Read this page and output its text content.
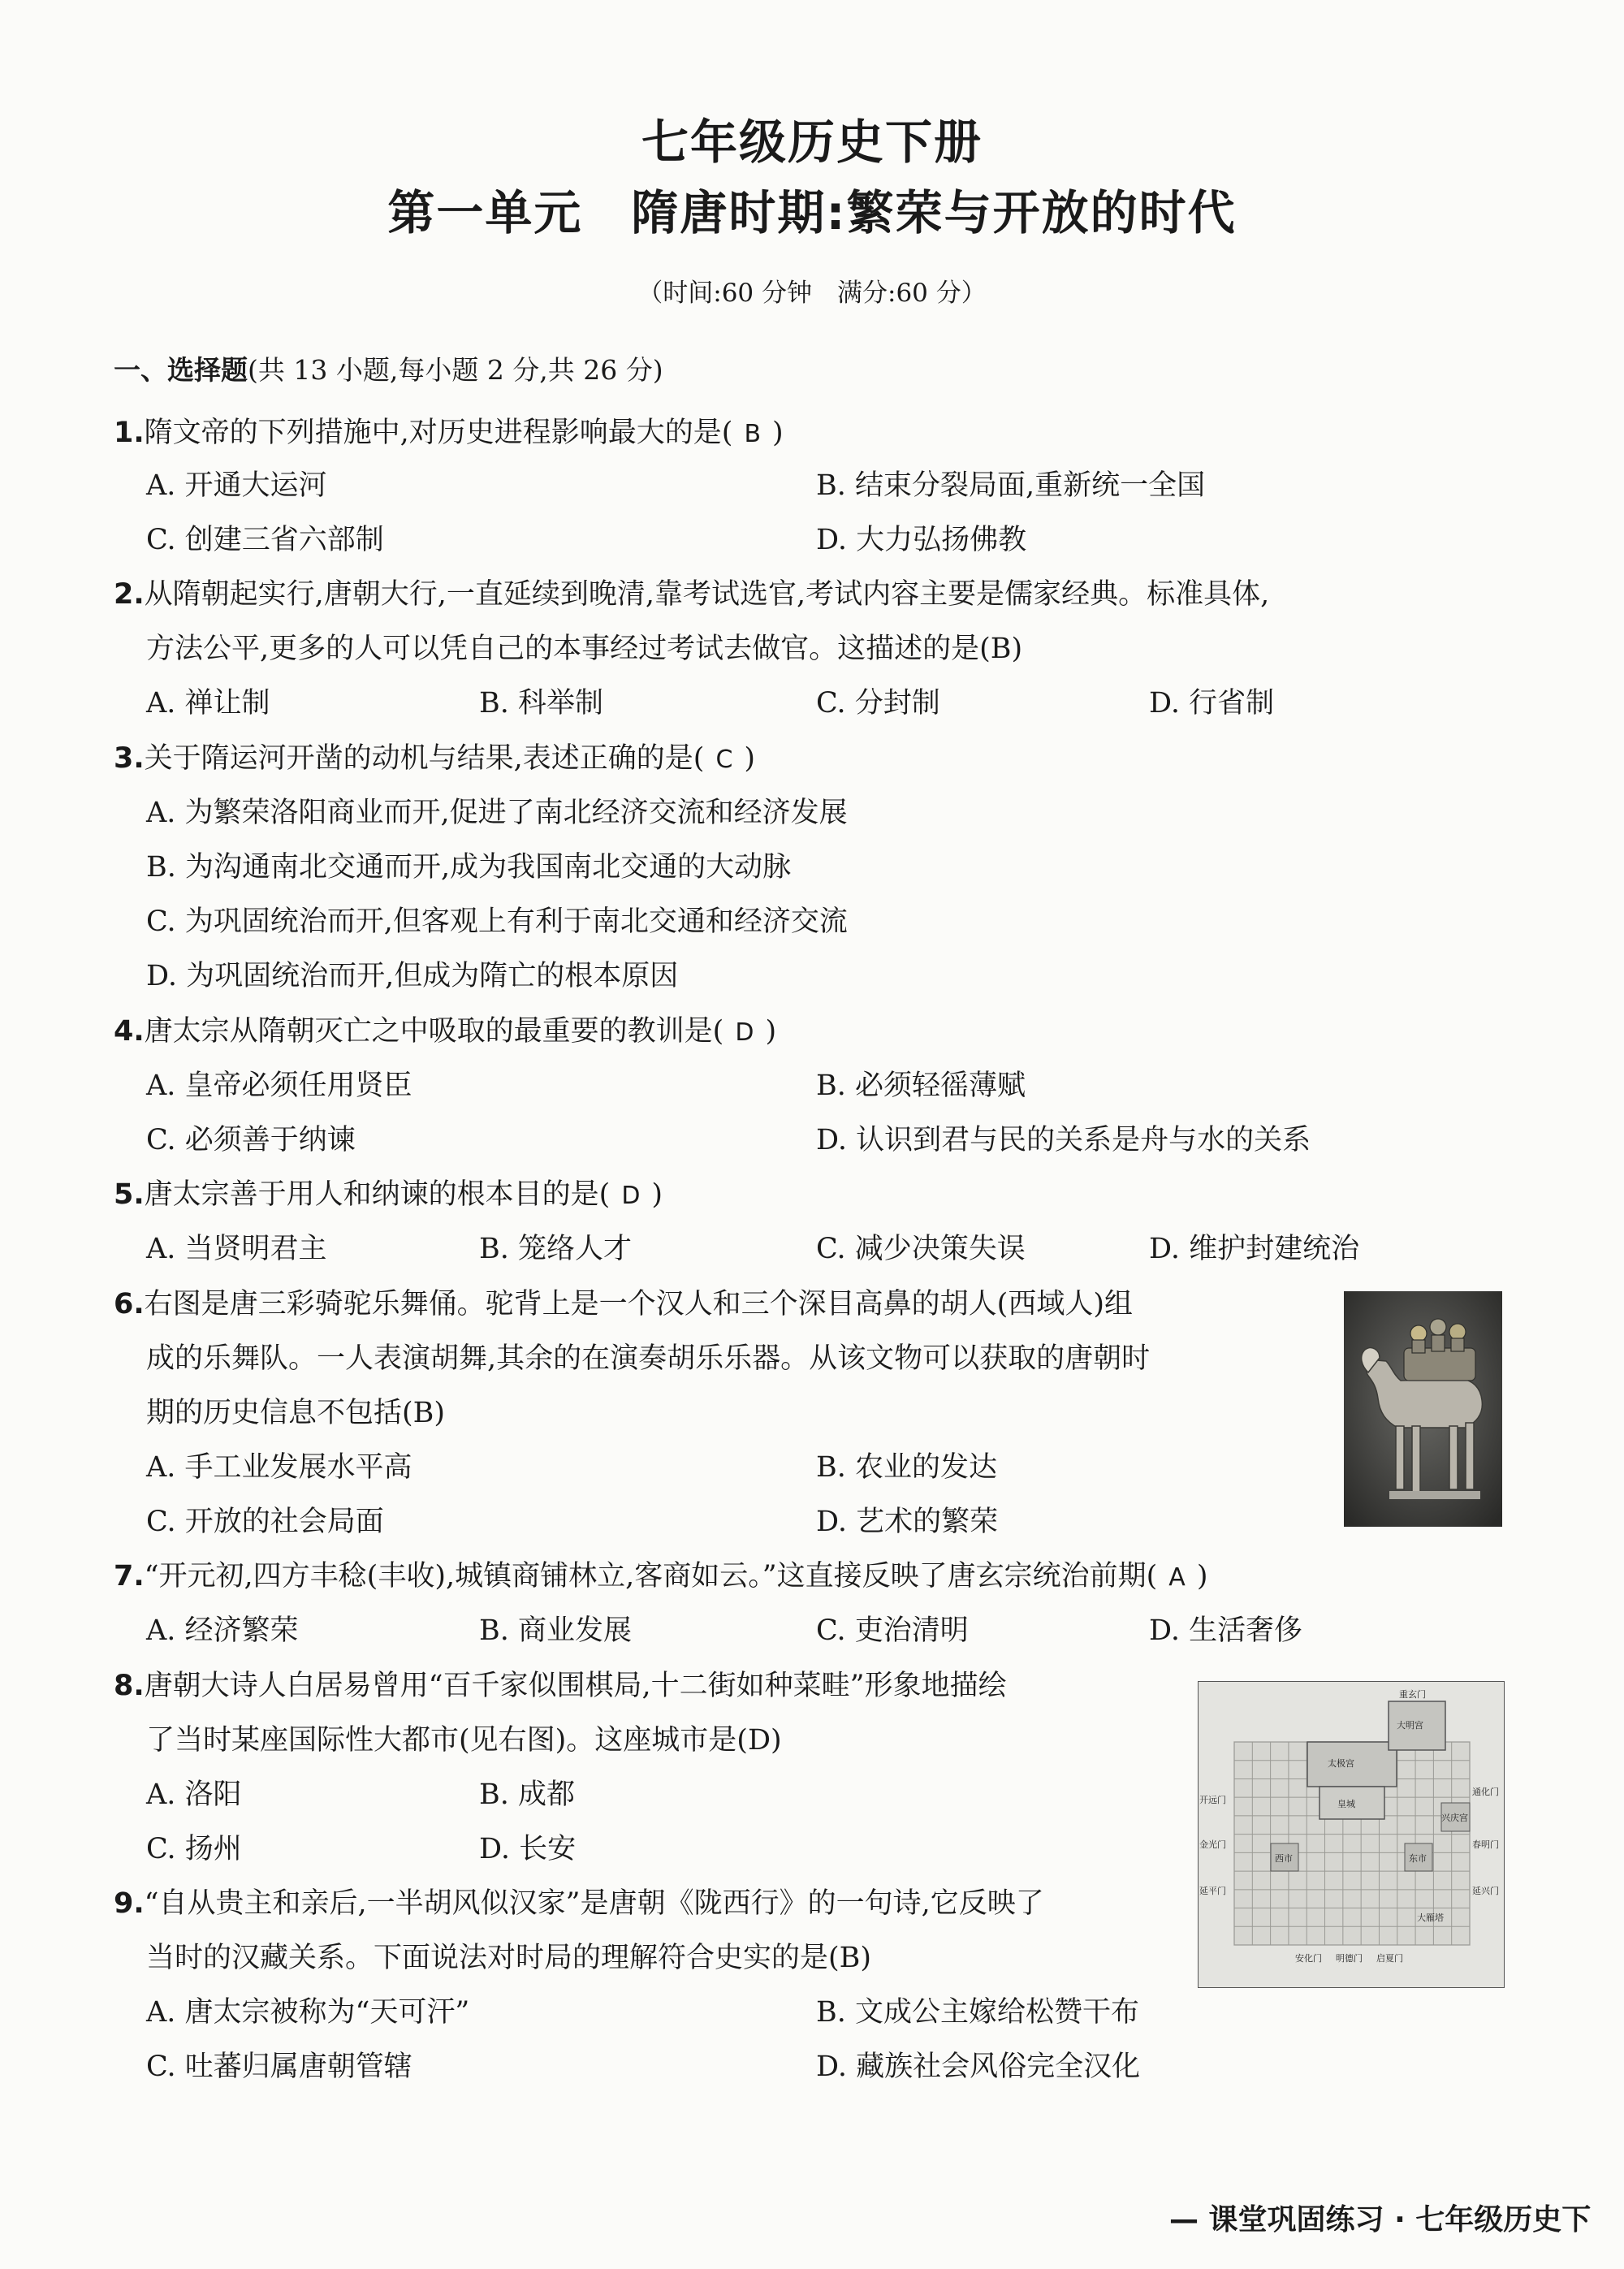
七年级历史下册
第一单元　隋唐时期:繁荣与开放的时代
（时间:60 分钟　满分:60 分）
一、选择题(共 13 小题,每小题 2 分,共 26 分)
1.隋文帝的下列措施中,对历史进程影响最大的是( B )
A. 开通大运河	B. 结束分裂局面,重新统一全国
C. 创建三省六部制	D. 大力弘扬佛教
2.从隋朝起实行,唐朝大行,一直延续到晚清,靠考试选官,考试内容主要是儒家经典。标准具体,
方法公平,更多的人可以凭自己的本事经过考试去做官。这描述的是(B)
A. 禅让制	B. 科举制	C. 分封制	D. 行省制
3.关于隋运河开凿的动机与结果,表述正确的是( C )
A. 为繁荣洛阳商业而开,促进了南北经济交流和经济发展
B. 为沟通南北交通而开,成为我国南北交通的大动脉
C. 为巩固统治而开,但客观上有利于南北交通和经济交流
D. 为巩固统治而开,但成为隋亡的根本原因
4.唐太宗从隋朝灭亡之中吸取的最重要的教训是( D )
A. 皇帝必须任用贤臣	B. 必须轻徭薄赋
C. 必须善于纳谏	D. 认识到君与民的关系是舟与水的关系
5.唐太宗善于用人和纳谏的根本目的是( D )
A. 当贤明君主	B. 笼络人才	C. 减少决策失误	D. 维护封建统治
6.右图是唐三彩骑驼乐舞俑。驼背上是一个汉人和三个深目高鼻的胡人(西域人)组
成的乐舞队。一人表演胡舞,其余的在演奏胡乐乐器。从该文物可以获取的唐朝时
期的历史信息不包括(B)
A. 手工业发展水平高	B. 农业的发达
C. 开放的社会局面	D. 艺术的繁荣
7.“开元初,四方丰稔(丰收),城镇商铺林立,客商如云。”这直接反映了唐玄宗统治前期( A )
A. 经济繁荣	B. 商业发展	C. 吏治清明	D. 生活奢侈
8.唐朝大诗人白居易曾用“百千家似围棋局,十二街如种菜畦”形象地描绘
了当时某座国际性大都市(见右图)。这座城市是(D)
A. 洛阳	B. 成都
C. 扬州	D. 长安
重玄门
开远门
金光门
延平门
通化门
春明门
延兴门
安化门 明德门 启夏门
太极宫
皇城
西市	东市
大明宫
兴庆宫
大雁塔
9.“自从贵主和亲后,一半胡风似汉家”是唐朝《陇西行》的一句诗,它反映了
当时的汉藏关系。下面说法对时局的理解符合史实的是(B)
A. 唐太宗被称为“天可汗”	B. 文成公主嫁给松赞干布
C. 吐蕃归属唐朝管辖	D. 藏族社会风俗完全汉化
— 课堂巩固练习 · 七年级历史下
